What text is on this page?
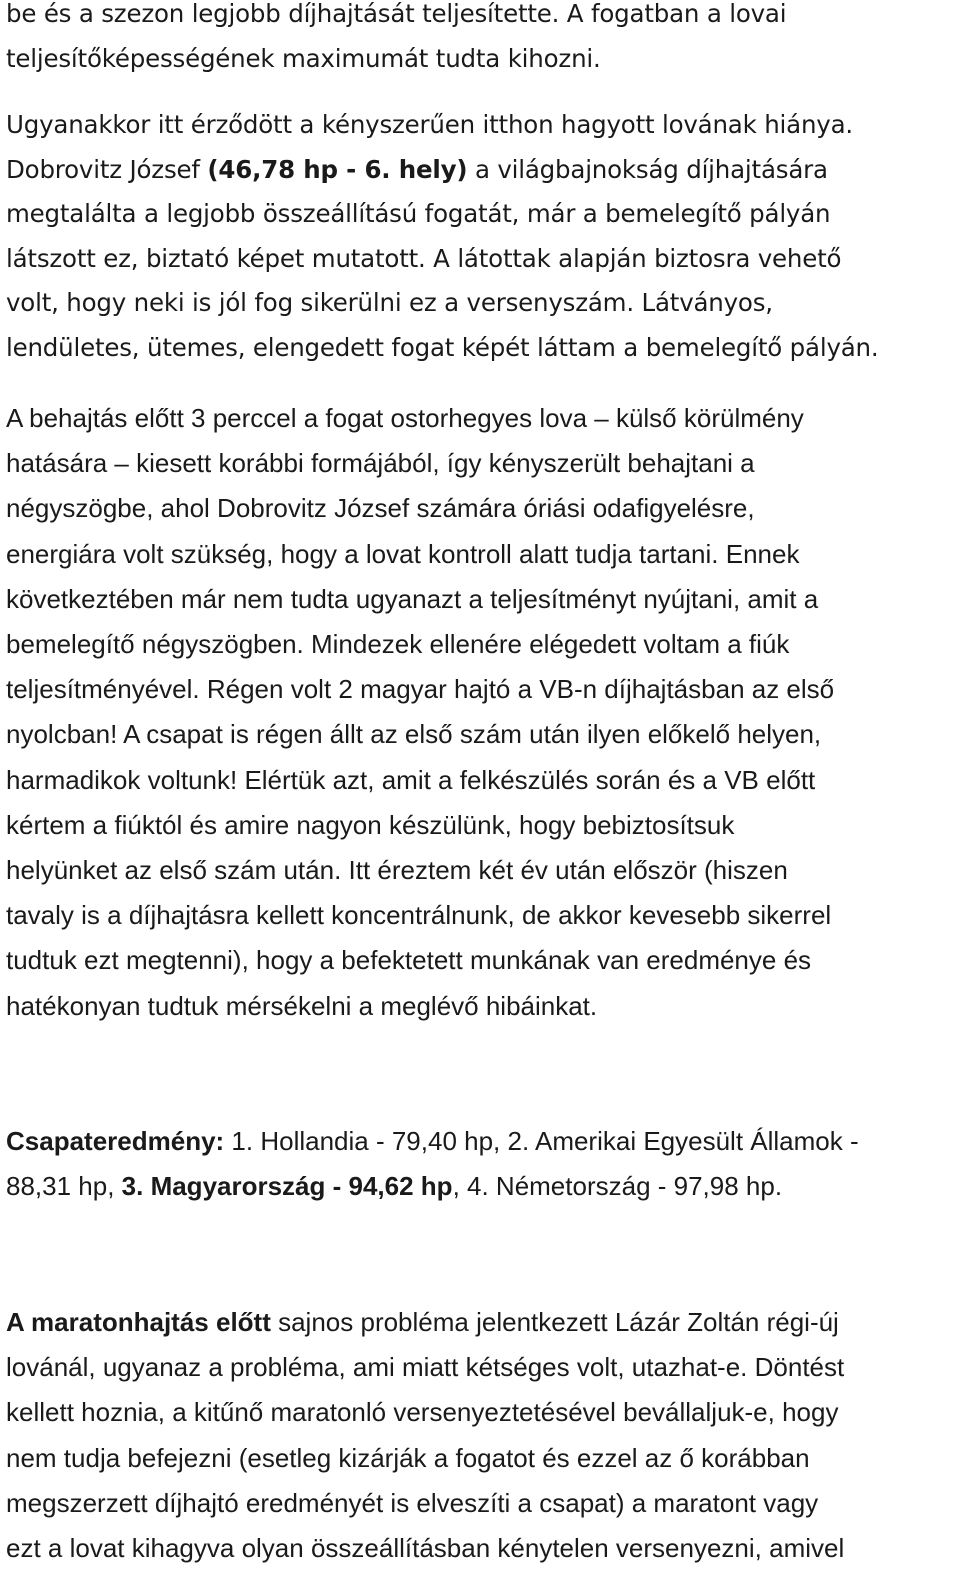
be és a szezon legjobb díjhajtását teljesítette. A fogatban a lovai
teljesítőképességének maximumát tudta kihozni.
Ugyanakkor itt érződött a kényszerűen itthon hagyott lovának hiánya.
Dobrovitz József (46,78 hp - 6. hely) a világbajnokság díjhajtására
megtalálta a legjobb összeállítású fogatát, már a bemelegítő pályán
látszott ez, biztató képet mutatott. A látottak alapján biztosra vehető
volt, hogy neki is jól fog sikerülni ez a versenyszám. Látványos,
lendületes, ütemes, elengedett fogat képét láttam a bemelegítő pályán.
A behajtás előtt 3 perccel a fogat ostorhegyes lova – külső körülmény
hatására – kiesett korábbi formájából, így kényszerült behajtani a
négyszögbe, ahol Dobrovitz József számára óriási odafigyelésre,
energiára volt szükség, hogy a lovat kontroll alatt tudja tartani. Ennek
következtében már nem tudta ugyanazt a teljesítményt nyújtani, amit a
bemelegítő négyszögben. Mindezek ellenére elégedett voltam a fiúk
teljesítményével. Régen volt 2 magyar hajtó a VB-n díjhajtásban az első
nyolcban! A csapat is régen állt az első szám után ilyen előkelő helyen,
harmadikok voltunk! Elértük azt, amit a felkészülés során és a VB előtt
kértem a fiúktól és amire nagyon készülünk, hogy bebiztosítsuk
helyünket az első szám után. Itt éreztem két év után először (hiszen
tavaly is a díjhajtásra kellett koncentrálnunk, de akkor kevesebb sikerrel
tudtuk ezt megtenni), hogy a befektetett munkának van eredménye és
hatékonyan tudtuk mérsékelni a meglévő hibáinkat.
Csapateredmény: 1. Hollandia - 79,40 hp, 2. Amerikai Egyesült Államok -
88,31 hp, 3. Magyarország - 94,62 hp, 4. Németország - 97,98 hp.
A maratonhajtás előtt sajnos probléma jelentkezett Lázár Zoltán régi-új
lovánál, ugyanaz a probléma, ami miatt kétséges volt, utazhat-e. Döntést
kellett hoznia, a kitűnő maratonló versenyeztetésével bevállaljuk-e, hogy
nem tudja befejezni (esetleg kizárják a fogatot és ezzel az ő korábban
megszerzett díjhajtó eredményét is elveszíti a csapat) a maratont vagy
ezt a lovat kihagyva olyan összeállításban kénytelen versenyezni, amivel
